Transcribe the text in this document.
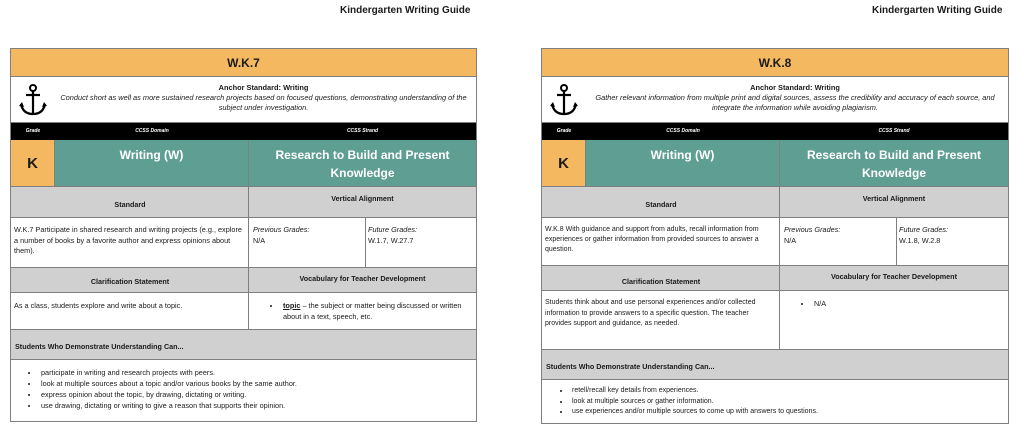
Kindergarten Writing Guide	Kindergarten Writing Guide
W.K.7
Anchor Standard: Writing
Conduct short as well as more sustained research projects based on focused questions, demonstrating understanding of the subject under investigation.
Grade	CCSS Domain	CCSS Strand
K	Writing (W)	Research to Build and Present Knowledge
Standard
Vertical Alignment
W.K.7 Participate in shared research and writing projects (e.g., explore a number of books by a favorite author and express opinions about them).
Previous Grades:
N/A
Future Grades:
W.1.7, W.27.7
Clarification Statement	Vocabulary for Teacher Development
As a class, students explore and write about a topic.
•	topic – the subject or matter being discussed or written about in a text, speech, etc.
Students Who Demonstrate Understanding Can...
• participate in writing and research projects with peers.
• look at multiple sources about a topic and/or various books by the same author.
• express opinion about the topic, by drawing, dictating or writing.
• use drawing, dictating or writing to give a reason that supports their opinion.
W.K.8
Anchor Standard: Writing
Gather relevant information from multiple print and digital sources, assess the credibility and accuracy of each source, and integrate the information while avoiding plagiarism.
Grade	CCSS Domain	CCSS Strand
K	Writing (W)	Research to Build and Present Knowledge
Standard
Vertical Alignment
W.K.8 With guidance and support from adults, recall information from experiences or gather information from provided sources to answer a question.
Previous Grades:
N/A
Future Grades:
W.1.8, W.2.8
Clarification Statement
Vocabulary for Teacher Development
Students think about and use personal experiences and/or collected information to provide answers to a specific question. The teacher provides support and guidance, as needed.
• N/A
Students Who Demonstrate Understanding Can...
• retell/recall key details from experiences.
• look at multiple sources or gather information.
• use experiences and/or multiple sources to come up with answers to questions.
